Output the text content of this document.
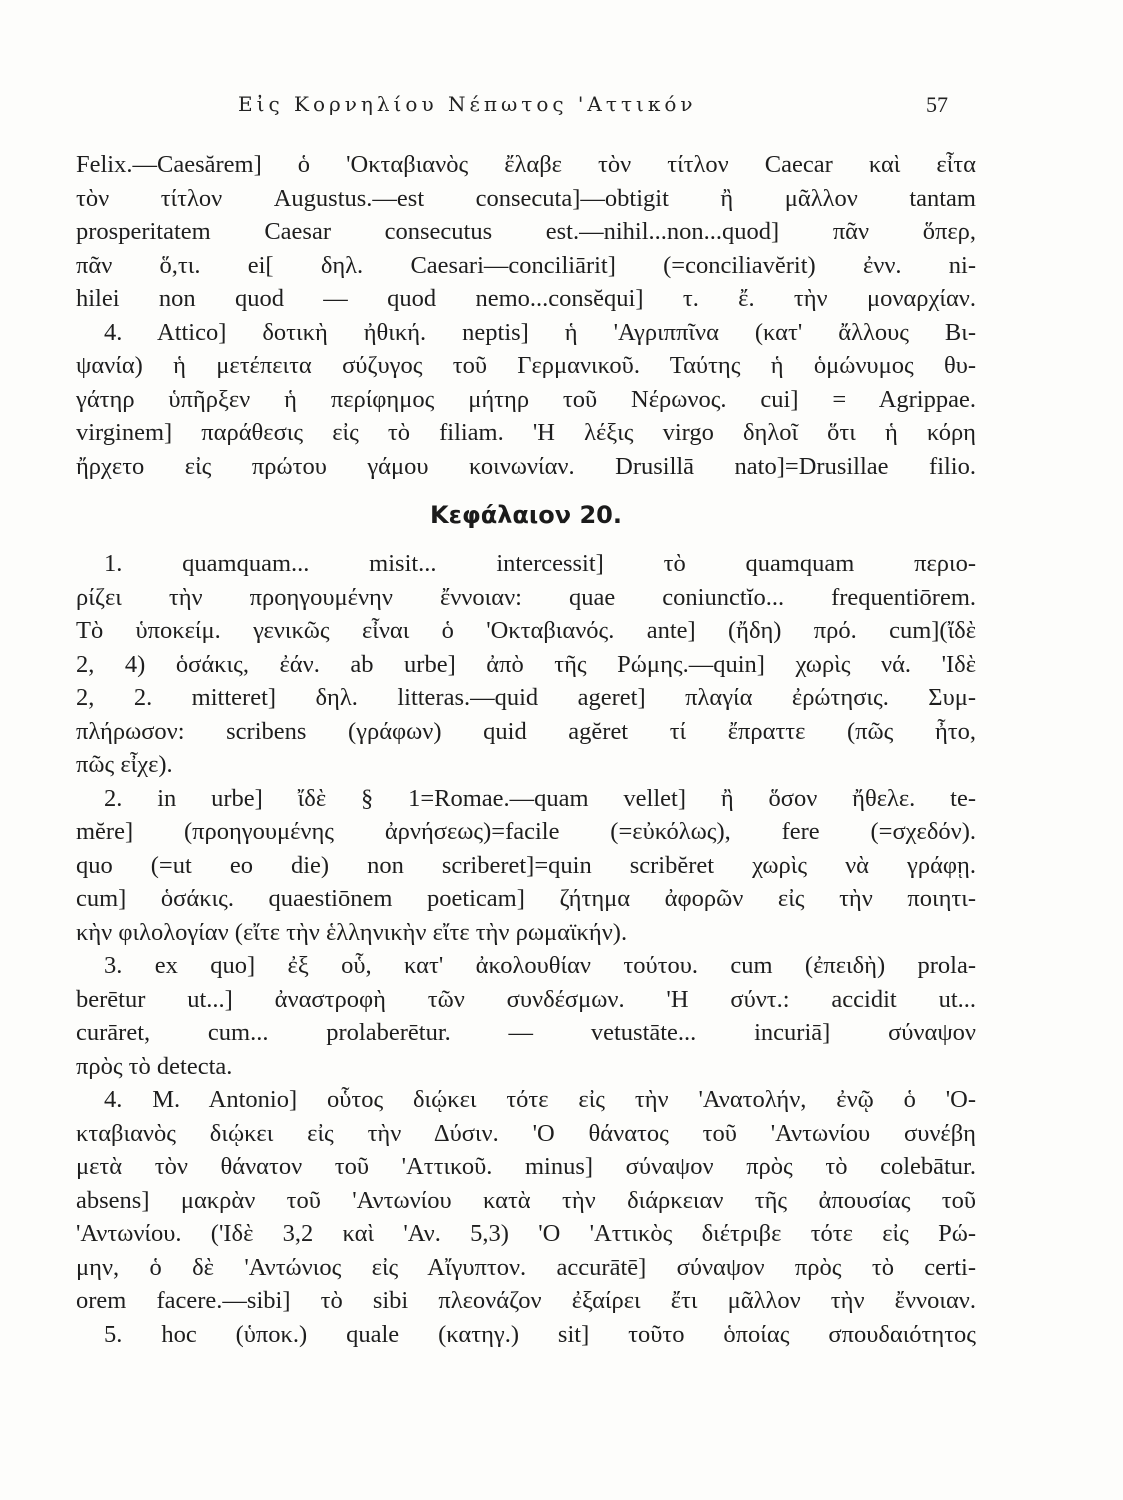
Εἰς Κορνηλίου Νέπωτος 'Αττικόν	57
Felix.—Caesărem] ὁ 'Οκταβιανὸς ἔλαβε τὸν τίτλον Caecar καὶ εἶτα
τὸν τίτλον Augustus.—est consecuta]—obtigit ἢ μᾶλλον tantam
prosperitatem Caesar consecutus est.—nihil...non...quod] πᾶν ὅπερ,
πᾶν ὅ,τι. ei[ δηλ. Caesari—conciliārit] (=conciliavĕrit) ἐνν. ni-
hilei non quod — quod nemo...consĕqui] τ. ἔ. τὴν μοναρχίαν.
4. Attico] δοτικὴ ἠθική. neptis] ἡ 'Αγριππῖνα (κατ' ἄλλους Βι-
ψανία) ἡ μετέπειτα σύζυγος τοῦ Γερμανικοῦ. Ταύτης ἡ ὁμώνυμος θυ-
γάτηρ ὑπῆρξεν ἡ περίφημος μήτηρ τοῦ Νέρωνος. cui] = Agrippae.
virginem] παράθεσις εἰς τὸ filiam. 'Η λέξις virgo δηλοῖ ὅτι ἡ κόρη
ἤρχετο εἰς πρώτου γάμου κοινωνίαν. Drusillā nato]=Drusillae filio.
Κεφάλαιον 20.
1. quamquam... misit... intercessit] τὸ quamquam περιο-
ρίζει τὴν προηγουμένην ἔννοιαν: quae coniunctĭo... frequentiōrem.
Τὸ ὑποκείμ. γενικῶς εἶναι ὁ 'Οκταβιανός. ante] (ἤδη) πρό. cum](ἴδὲ
2, 4) ὁσάκις, ἐάν. ab urbe] ἀπὸ τῆς Ρώμης.—quin] χωρὶς νά. 'Ιδὲ
2, 2. mitteret] δηλ. litteras.—quid ageret] πλαγία ἐρώτησις. Συμ-
πλήρωσον: scribens (γράφων) quid agĕret τί ἔπραττε (πῶς ἦτο,
πῶς εἶχε).
2. in urbe] ἴδὲ § 1=Romae.—quam vellet] ἢ ὅσον ἤθελε. te-
mĕre] (προηγουμένης ἀρνήσεως)=facile (=εὐκόλως), fere (=σχεδόν).
quo (=ut eo die) non scriberet]=quin scribĕret χωρὶς νὰ γράφῃ.
cum] ὁσάκις. quaestiōnem poeticam] ζήτημα ἀφορῶν εἰς τὴν ποιητι-
κὴν φιλολογίαν (εἴτε τὴν ἑλληνικὴν εἴτε τὴν ρωμαϊκήν).
3. ex quo] ἐξ οὗ, κατ' ἀκολουθίαν τούτου. cum (ἐπειδὴ) prola-
berētur ut...] ἀναστροφὴ τῶν συνδέσμων. 'Η σύντ.: accidit ut...
curāret, cum... prolaberētur. — vetustāte... incuriā] σύναψον
πρὸς τὸ detecta.
4. M. Antonio] οὗτος διῴκει τότε εἰς τὴν 'Ανατολήν, ἐνῷ ὁ 'Ο-
κταβιανὸς διῴκει εἰς τὴν Δύσιν. 'Ο θάνατος τοῦ 'Αντωνίου συνέβη
μετὰ τὸν θάνατον τοῦ 'Αττικοῦ. minus] σύναψον πρὸς τὸ colebātur.
absens] μακρὰν τοῦ 'Αντωνίου κατὰ τὴν διάρκειαν τῆς ἀπουσίας τοῦ
'Αντωνίου. ('Ιδὲ 3,2 καὶ 'Αν. 5,3) 'Ο 'Αττικὸς διέτριβε τότε εἰς Ρώ-
μην, ὁ δὲ 'Αντώνιος εἰς Αἴγυπτον. accurātē] σύναψον πρὸς τὸ certi-
orem facere.—sibi] τὸ sibi πλεονάζον ἐξαίρει ἔτι μᾶλλον τὴν ἔννοιαν.
5. hoc (ὑποκ.) quale (κατηγ.) sit] τοῦτο ὁποίας σπουδαιότητος
